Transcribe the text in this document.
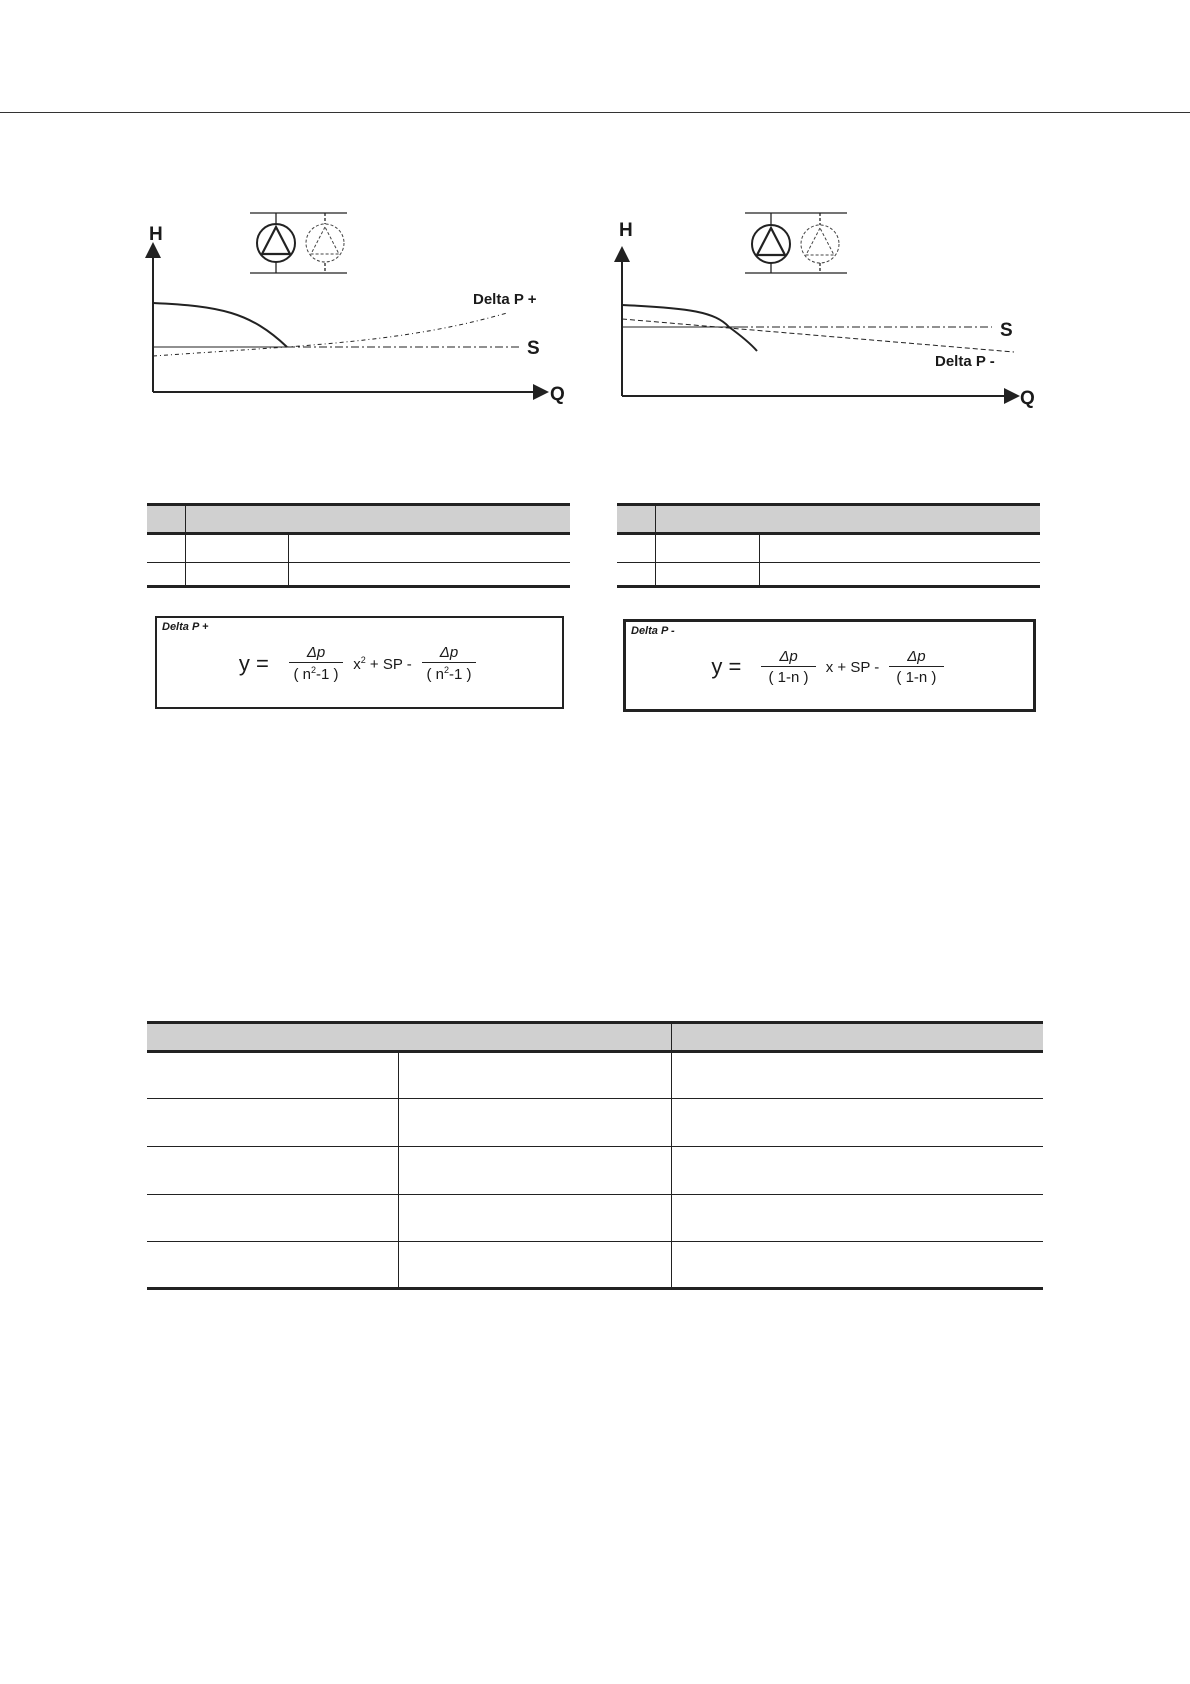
H
Q
Delta P +
S
H
Q
S
Delta P -
Delta P +
$y = \frac{\Delta p}{( n^2-1 )} x^2$ + SP - $\frac{\Delta p}{( n^2-1 )}$
Delta P -
$y = \frac{\Delta p}{( 1-n )}$ x + SP - $\frac{\Delta p}{( 1-n )}$
